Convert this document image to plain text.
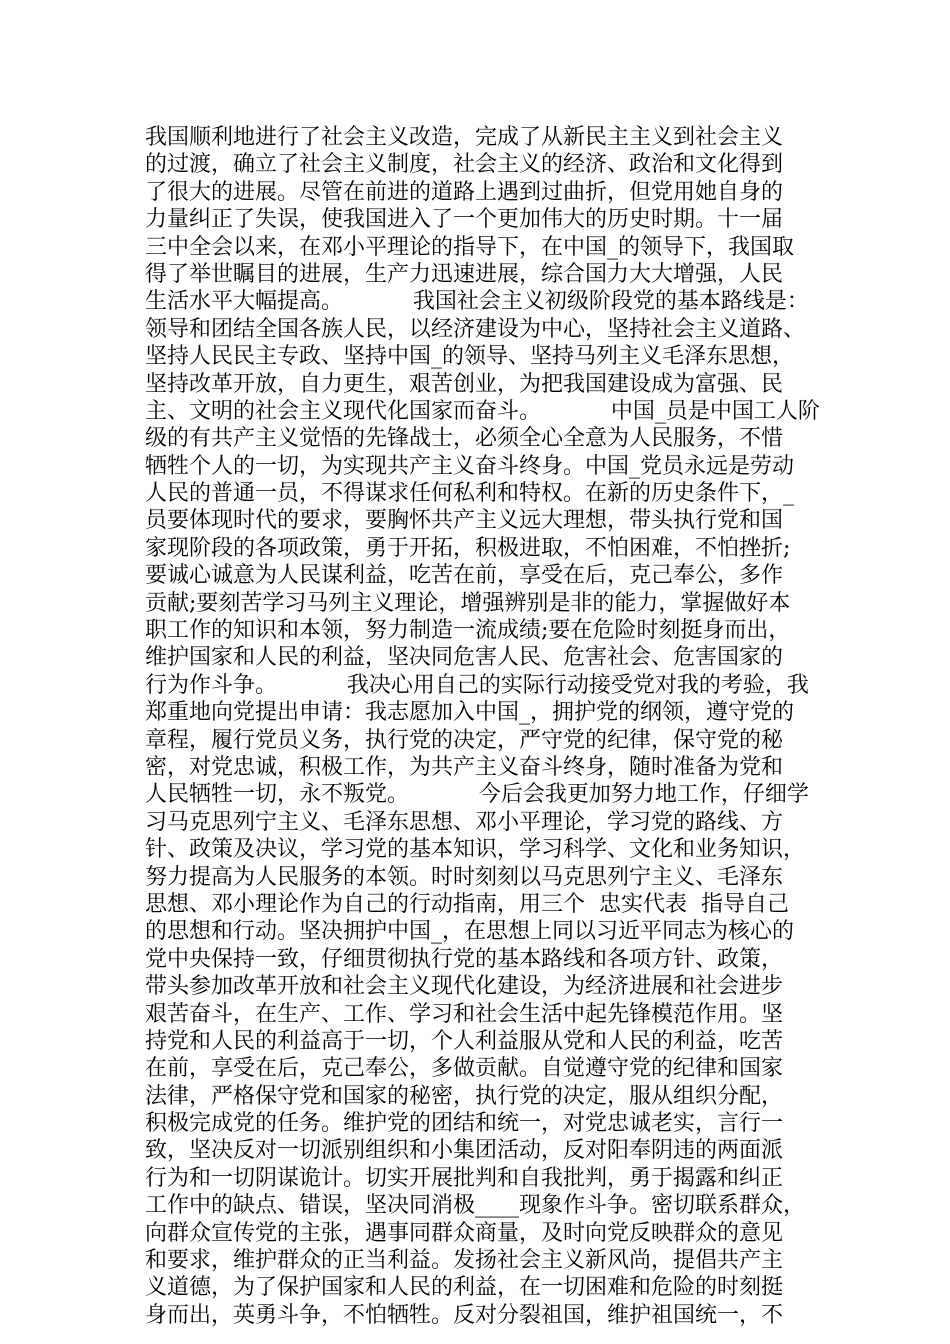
我国顺利地进行了社会主义改造，完成了从新民主主义到社会主义
的过渡，确立了社会主义制度，社会主义的经济、政治和文化得到
了很大的进展。尽管在前进的道路上遇到过曲折，但党用她自身的
力量纠正了失误，使我国进入了一个更加伟大的历史时期。十一届
三中全会以来，在邓小平理论的指导下，在中国_的领导下，我国取
得了举世瞩目的进展，生产力迅速进展，综合国力大大增强，人民
生活水平大幅提高。          我国社会主义初级阶段党的基本路线是：
领导和团结全国各族人民，以经济建设为中心，坚持社会主义道路、
坚持人民民主专政、坚持中国_的领导、坚持马列主义毛泽东思想，
坚持改革开放，自力更生，艰苦创业，为把我国建设成为富强、民
主、文明的社会主义现代化国家而奋斗。          中国_员是中国工人阶
级的有共产主义觉悟的先锋战士，必须全心全意为人民服务，不惜
牺牲个人的一切，为实现共产主义奋斗终身。中国_党员永远是劳动
人民的普通一员，不得谋求任何私利和特权。在新的历史条件下，_
员要体现时代的要求，要胸怀共产主义远大理想，带头执行党和国
家现阶段的各项政策，勇于开拓，积极进取，不怕困难，不怕挫折;
要诚心诚意为人民谋利益，吃苦在前，享受在后，克己奉公，多作
贡献;要刻苦学习马列主义理论，增强辨别是非的能力，掌握做好本
职工作的知识和本领，努力制造一流成绩;要在危险时刻挺身而出，
维护国家和人民的利益，坚决同危害人民、危害社会、危害国家的
行为作斗争。          我决心用自己的实际行动接受党对我的考验，我
郑重地向党提出申请：我志愿加入中国_，拥护党的纲领，遵守党的
章程，履行党员义务，执行党的决定，严守党的纪律，保守党的秘
密，对党忠诚，积极工作，为共产主义奋斗终身，随时准备为党和
人民牺牲一切，永不叛党。          今后会我更加努力地工作，仔细学
习马克思列宁主义、毛泽东思想、邓小平理论，学习党的路线、方
针、政策及决议，学习党的基本知识，学习科学、文化和业务知识，
努力提高为人民服务的本领。时时刻刻以马克思列宁主义、毛泽东
思想、邓小理论作为自己的行动指南，用三个  忠实代表  指导自己
的思想和行动。坚决拥护中国_，在思想上同以习近平同志为核心的
党中央保持一致，仔细贯彻执行党的基本路线和各项方针、政策，
带头参加改革开放和社会主义现代化建设，为经济进展和社会进步
艰苦奋斗，在生产、工作、学习和社会生活中起先锋模范作用。坚
持党和人民的利益高于一切，个人利益服从党和人民的利益，吃苦
在前，享受在后，克己奉公，多做贡献。自觉遵守党的纪律和国家
法律，严格保守党和国家的秘密，执行党的决定，服从组织分配，
积极完成党的任务。维护党的团结和统一，对党忠诚老实，言行一
致，坚决反对一切派别组织和小集团活动，反对阳奉阴违的两面派
行为和一切阴谋诡计。切实开展批判和自我批判，勇于揭露和纠正
工作中的缺点、错误，坚决同消极____现象作斗争。密切联系群众，
向群众宣传党的主张，遇事同群众商量，及时向党反映群众的意见
和要求，维护群众的正当利益。发扬社会主义新风尚，提倡共产主
义道德，为了保护国家和人民的利益，在一切困难和危险的时刻挺
身而出，英勇斗争，不怕牺牲。反对分裂祖国，维护祖国统一，不
